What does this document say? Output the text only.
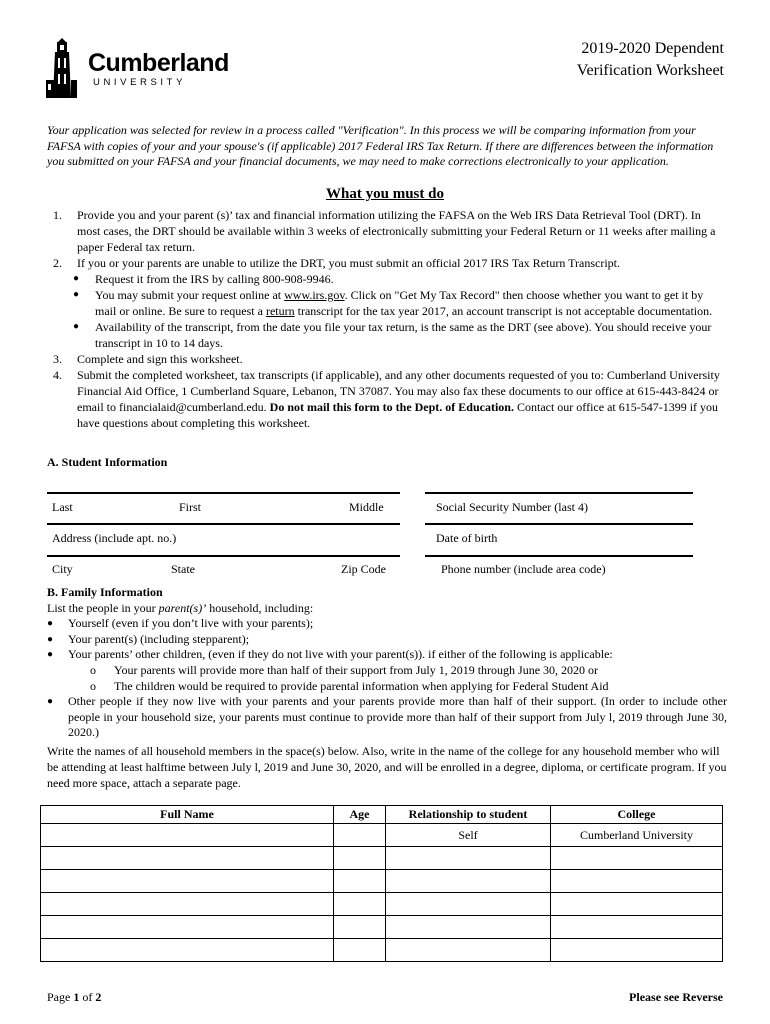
Cumberland
UNIVERSITY
2019-2020 Dependent
Verification Worksheet
Your application was selected for review in a process called "Verification". In this process we will be comparing information from your FAFSA with copies of your and your spouse's (if applicable) 2017 Federal IRS Tax Return. If there are differences between the information you submitted on your FAFSA and your financial documents, we may need to make corrections electronically to your application.
What you must do
1.	Provide you and your parent (s)’ tax and financial information utilizing the FAFSA on the Web IRS Data Retrieval Tool (DRT). In most cases, the DRT should be available within 3 weeks of electronically submitting your Federal Return or 11 weeks after mailing a paper Federal tax return.
2.	If you or your parents are unable to utilize the DRT, you must submit an official 2017 IRS Tax Return Transcript.
●	Request it from the IRS by calling 800-908-9946.
●	You may submit your request online at www.irs.gov. Click on "Get My Tax Record" then choose whether you want to get it by mail or online. Be sure to request a return transcript for the tax year 2017, an account transcript is not acceptable documentation.
●	Availability of the transcript, from the date you file your tax return, is the same as the DRT (see above). You should receive your transcript in 10 to 14 days.
3.	Complete and sign this worksheet.
4.	Submit the completed worksheet, tax transcripts (if applicable), and any other documents requested of you to: Cumberland University Financial Aid Office, 1 Cumberland Square, Lebanon, TN 37087. You may also fax these documents to our office at 615-443-8424 or email to financialaid@cumberland.edu. Do not mail this form to the Dept. of Education. Contact our office at 615-547-1399 if you have questions about completing this worksheet.
A. Student Information
Last	First	Middle	Social Security Number (last 4)
Address (include apt. no.)	Date of birth
City	State	Zip Code	Phone number (include area code)
B. Family Information
List the people in your parent(s)’ household, including:
●	Yourself (even if you don’t live with your parents);
●	Your parent(s) (including stepparent);
●	Your parents’ other children, (even if they do not live with your parent(s)). if either of the following is applicable:
o	Your parents will provide more than half of their support from July 1, 2019 through June 30, 2020 or
o	The children would be required to provide parental information when applying for Federal Student Aid
●	Other people if they now live with your parents and your parents provide more than half of their support. (In order to include other people in your household size, your parents must continue to provide more than half of their support from July l, 2019 through June 30, 2020.)
Write the names of all household members in the space(s) below. Also, write in the name of the college for any household member who will be attending at least halftime between July l, 2019 and June 30, 2020, and will be enrolled in a degree, diploma, or certificate program. If you need more space, attach a separate page.
Full Name	Age	Relationship to student	College
		Self	Cumberland University

Page 1 of 2	Please see Reverse
